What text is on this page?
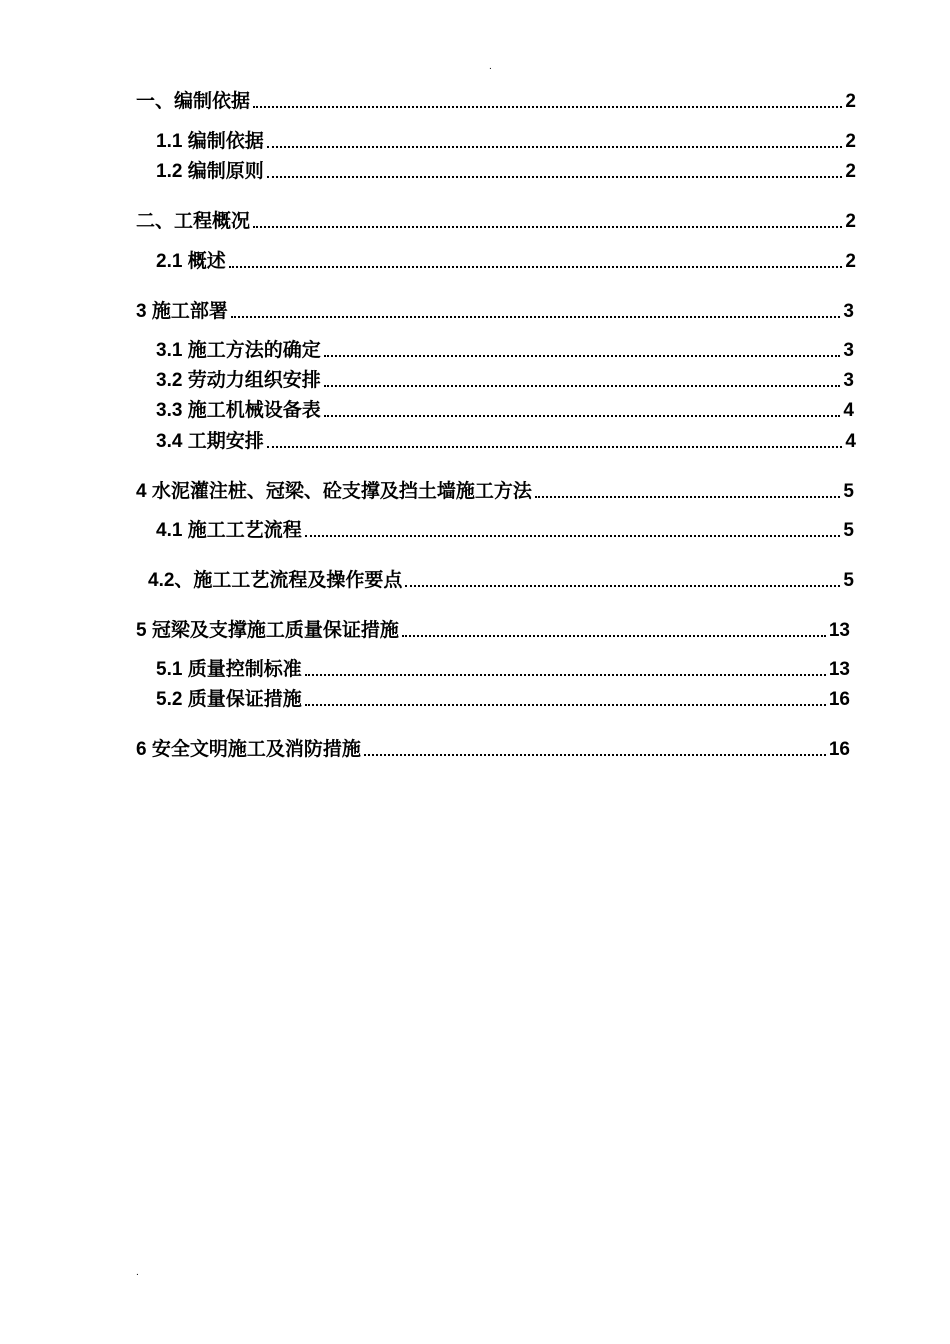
.
一、编制依据	2
1.1 编制依据	2
1.2 编制原则	2
二、工程概况	2
2.1 概述	2
3 施工部署	3
3.1 施工方法的确定	3
3.2 劳动力组织安排	3
3.3 施工机械设备表	4
3.4 工期安排	4
4 水泥灌注桩、冠梁、砼支撑及挡土墙施工方法	5
4.1 施工工艺流程	5
4.2、施工工艺流程及操作要点	5
5 冠梁及支撑施工质量保证措施	13
5.1 质量控制标准	13
5.2 质量保证措施	16
6 安全文明施工及消防措施	16
.
